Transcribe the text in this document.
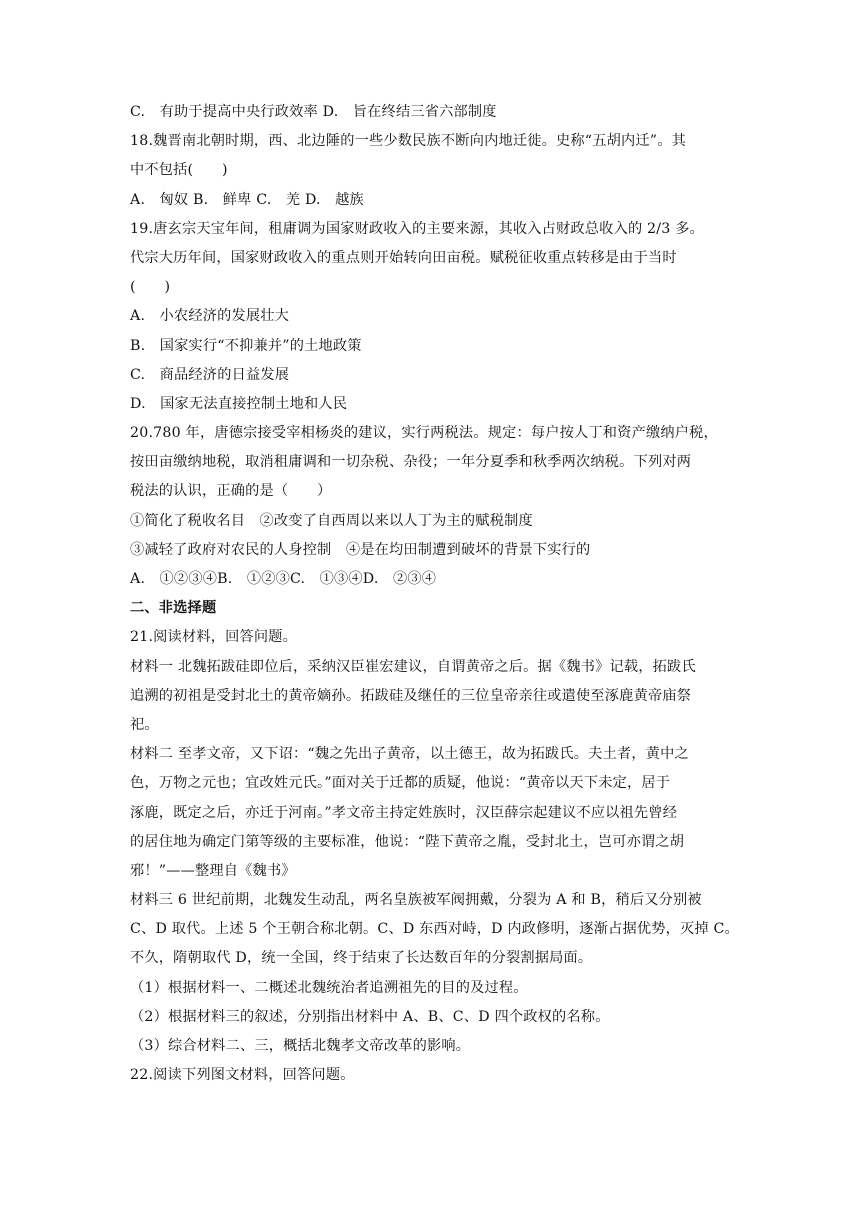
C.　有助于提高中央行政效率 D.　旨在终结三省六部制度
18.魏晋南北朝时期，西、北边陲的一些少数民族不断向内地迁徙。史称“五胡内迁”。其
中不包括(　　)
A.　匈奴 B.　鲜卑 C.　羌 D.　越族
19.唐玄宗天宝年间，租庸调为国家财政收入的主要来源，其收入占财政总收入的 2/3 多。
代宗大历年间，国家财政收入的重点则开始转向田亩税。赋税征收重点转移是由于当时
(　　)
A.　小农经济的发展壮大
B.　国家实行“不抑兼并”的土地政策
C.　商品经济的日益发展
D.　国家无法直接控制土地和人民
20.780 年，唐德宗接受宰相杨炎的建议，实行两税法。规定：每户按人丁和资产缴纳户税，
按田亩缴纳地税，取消租庸调和一切杂税、杂役；一年分夏季和秋季两次纳税。下列对两
税法的认识，正确的是（　　）
①简化了税收名目　②改变了自西周以来以人丁为主的赋税制度
③减轻了政府对农民的人身控制　④是在均田制遭到破坏的背景下实行的
A.　①②③④B.　①②③C.　①③④D.　②③④
二、非选择题
21.阅读材料，回答问题。
材料一 北魏拓跋硅即位后，采纳汉臣崔宏建议，自谓黄帝之后。据《魏书》记载，拓跋氏
追溯的初祖是受封北土的黄帝嫡孙。拓跋硅及继任的三位皇帝亲往或遣使至涿鹿黄帝庙祭
祀。
材料二 至孝文帝，又下诏：“魏之先出子黄帝，以土德王，故为拓跋氏。夫土者，黄中之
色，万物之元也；宜改姓元氏。”面对关于迁都的质疑，他说：“黄帝以天下未定，居于
涿鹿，既定之后，亦迁于河南。”孝文帝主持定姓族时，汉臣薛宗起建议不应以祖先曾经
的居住地为确定门第等级的主要标准，他说：“陛下黄帝之胤，受封北土，岂可亦谓之胡
邪！”——整理自《魏书》
材料三 6 世纪前期，北魏发生动乱，两名皇族被军阀拥戴，分裂为 A 和 B，稍后又分别被
C、D 取代。上述 5 个王朝合称北朝。C、D 东西对峙，D 内政修明，逐渐占据优势，灭掉 C。
不久，隋朝取代 D，统一全国，终于结束了长达数百年的分裂割据局面。
（1）根据材料一、二概述北魏统治者追溯祖先的目的及过程。
（2）根据材料三的叙述，分别指出材料中 A、B、C、D 四个政权的名称。
（3）综合材料二、三，概括北魏孝文帝改革的影响。
22.阅读下列图文材料，回答问题。
